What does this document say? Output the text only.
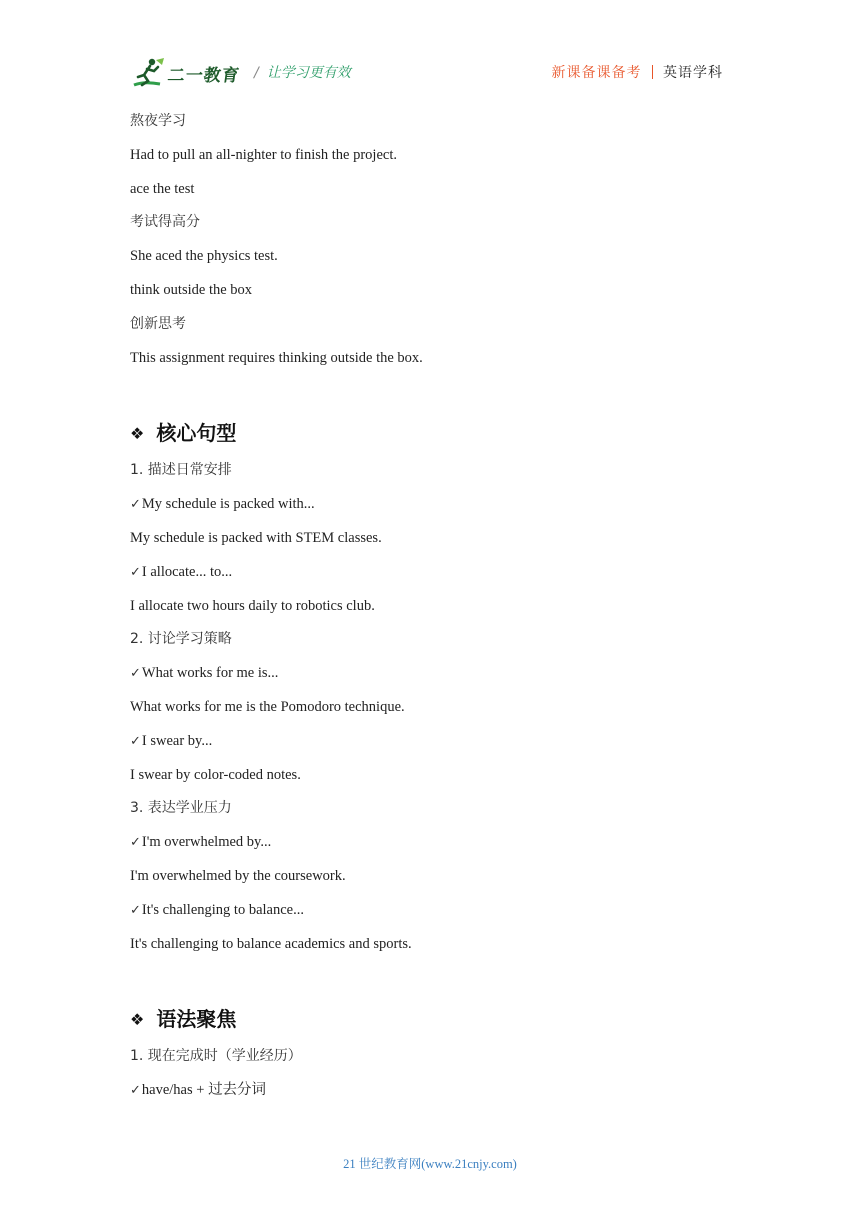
二一教育 / 让学习更有效	新课备课备考 英语学科
熬夜学习
Had to pull an all-nighter to finish the project.
ace the test
考试得高分
She aced the physics test.
think outside the box
创新思考
This assignment requires thinking outside the box.
❖ 核心句型
1. 描述日常安排
✓My schedule is packed with...
My schedule is packed with STEM classes.
✓I allocate... to...
I allocate two hours daily to robotics club.
2. 讨论学习策略
✓What works for me is...
What works for me is the Pomodoro technique.
✓I swear by...
I swear by color-coded notes.
3. 表达学业压力
✓I'm overwhelmed by...
I'm overwhelmed by the coursework.
✓It's challenging to balance...
It's challenging to balance academics and sports.
❖ 语法聚焦
1. 现在完成时（学业经历）
✓have/has + 过去分词
21 世纪教育网(www.21cnjy.com)
